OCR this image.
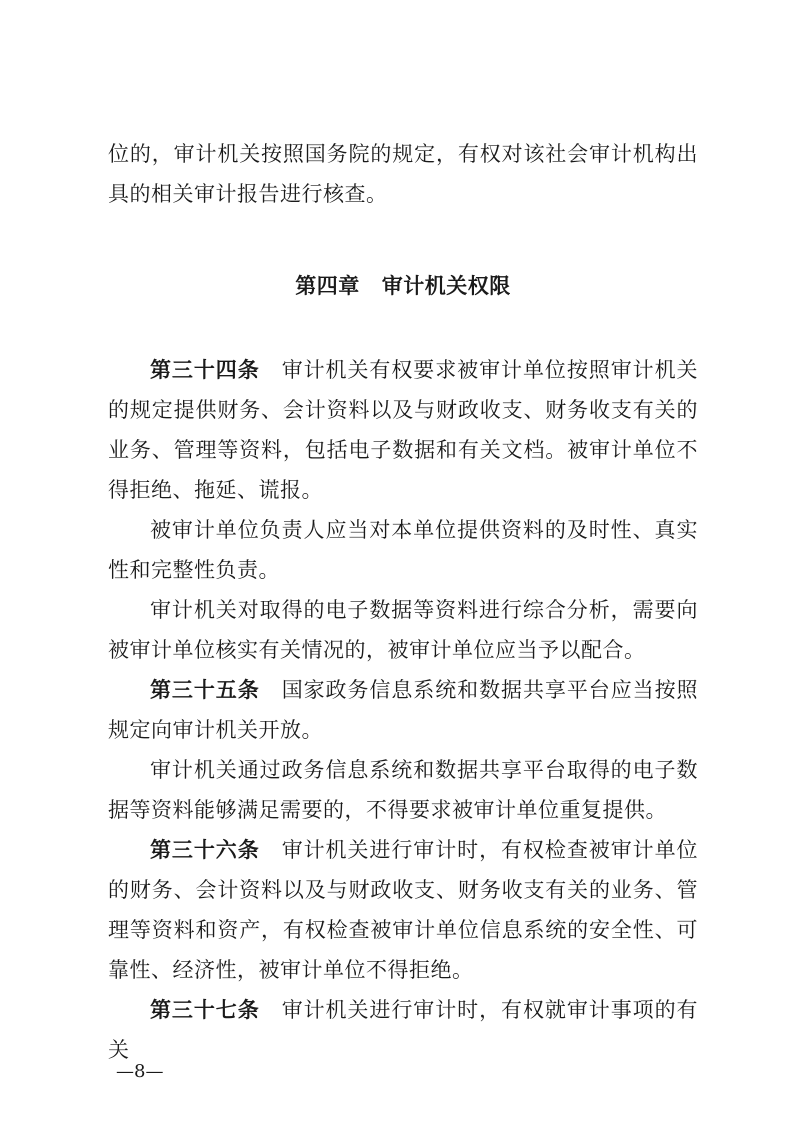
位的，审计机关按照国务院的规定，有权对该社会审计机构出具的相关审计报告进行核查。

第四章 审计机关权限

第三十四条 审计机关有权要求被审计单位按照审计机关的规定提供财务、会计资料以及与财政收支、财务收支有关的业务、管理等资料，包括电子数据和有关文档。被审计单位不得拒绝、拖延、谎报。

被审计单位负责人应当对本单位提供资料的及时性、真实性和完整性负责。

审计机关对取得的电子数据等资料进行综合分析，需要向被审计单位核实有关情况的，被审计单位应当予以配合。

第三十五条 国家政务信息系统和数据共享平台应当按照规定向审计机关开放。

审计机关通过政务信息系统和数据共享平台取得的电子数据等资料能够满足需要的，不得要求被审计单位重复提供。

第三十六条 审计机关进行审计时，有权检查被审计单位的财务、会计资料以及与财政收支、财务收支有关的业务、管理等资料和资产，有权检查被审计单位信息系统的安全性、可靠性、经济性，被审计单位不得拒绝。

第三十七条 审计机关进行审计时，有权就审计事项的有关

—8—
